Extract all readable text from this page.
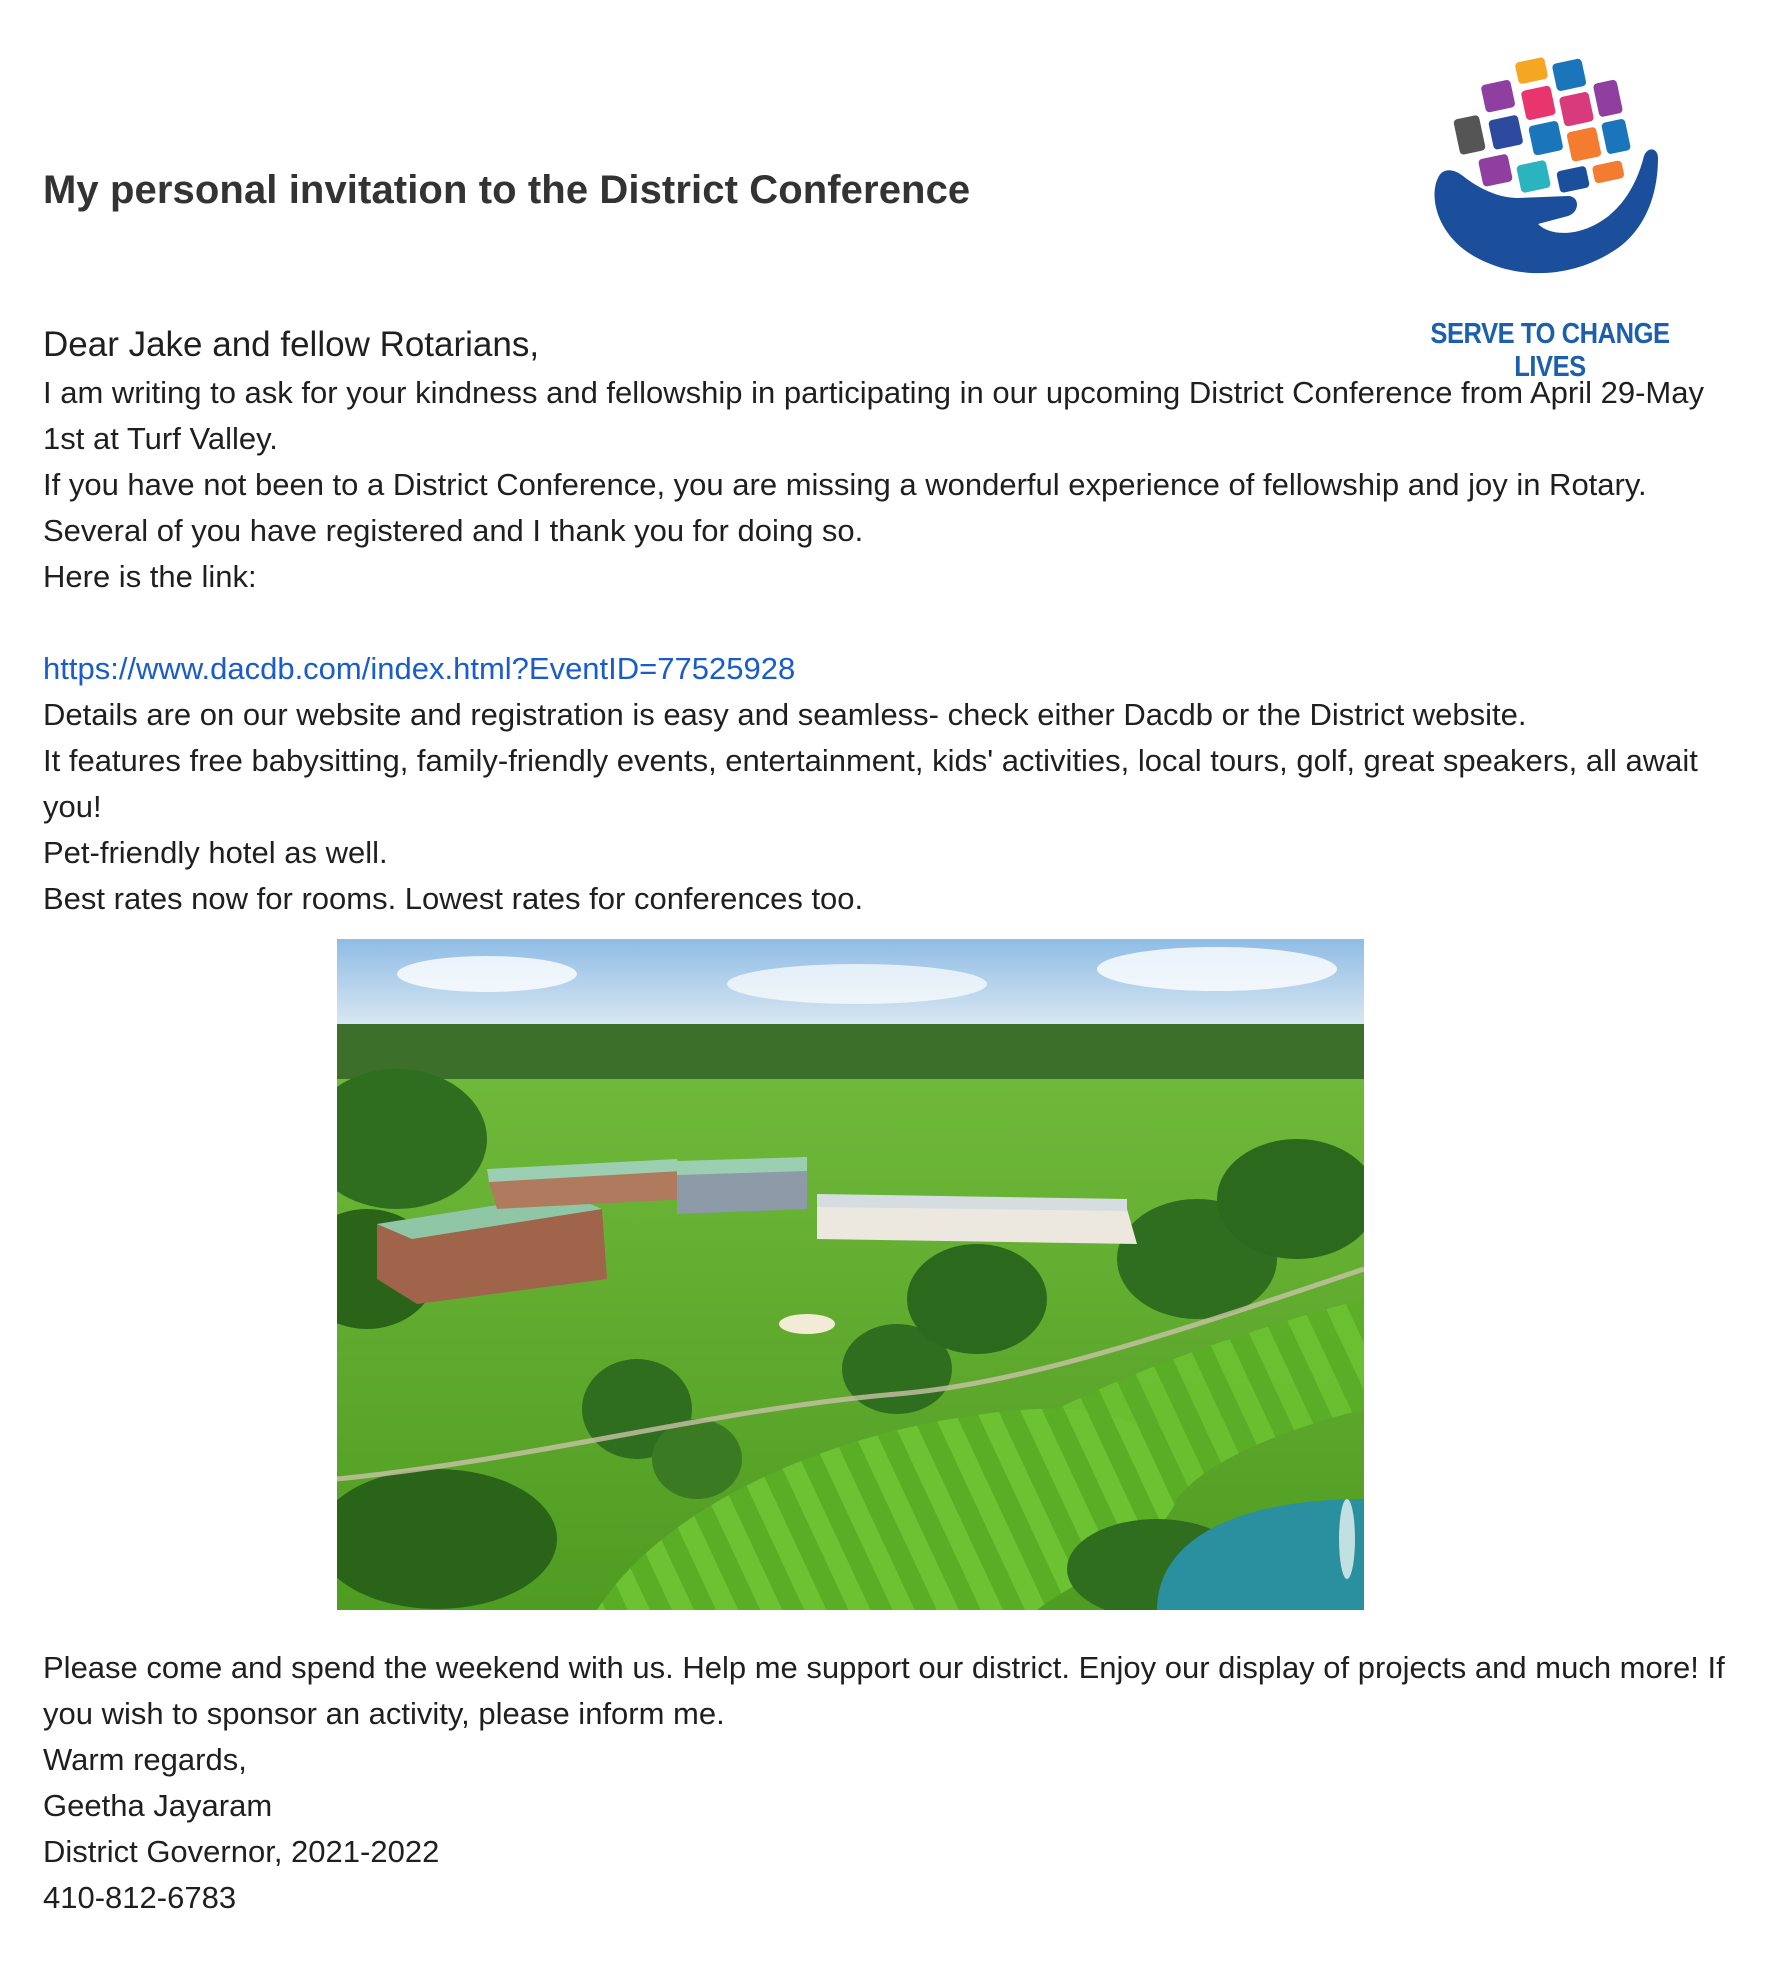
My personal invitation to the District Conference
SERVE TO CHANGE LIVES
Dear Jake and fellow Rotarians,

I am writing to ask for your kindness and fellowship in participating in our upcoming District Conference from April 29-May 1st at Turf Valley.

If you have not been to a District Conference, you are missing a wonderful experience of fellowship and joy in Rotary. Several of you have registered and I thank you for doing so.

Here is the link:

https://www.dacdb.com/index.html?EventID=77525928

Details are on our website and registration is easy and seamless- check either Dacdb or the District website.

It features free babysitting, family-friendly events, entertainment, kids' activities, local tours, golf, great speakers, all await you!

Pet-friendly hotel as well.

Best rates now for rooms. Lowest rates for conferences too.

Please come and spend the weekend with us. Help me support our district. Enjoy our display of projects and much more! If you wish to sponsor an activity, please inform me.

Warm regards,

Geetha Jayaram

District Governor, 2021-2022

410-812-6783
